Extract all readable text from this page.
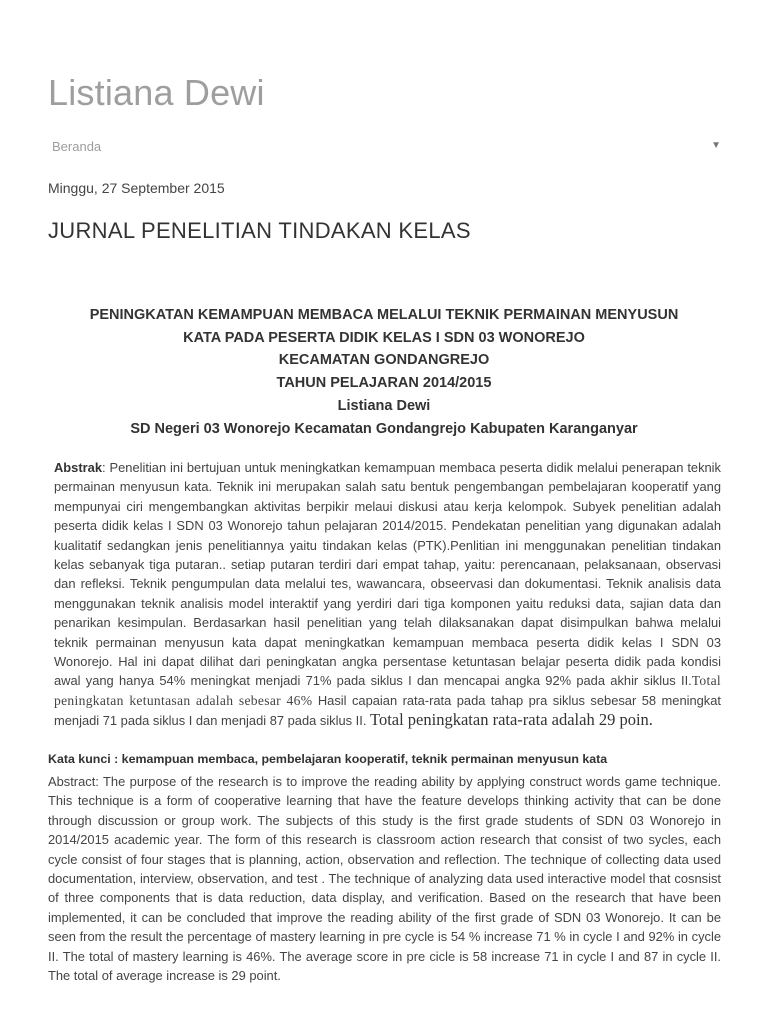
Listiana Dewi
Beranda	▼
Minggu, 27 September 2015
JURNAL PENELITIAN TINDAKAN KELAS
PENINGKATAN KEMAMPUAN MEMBACA MELALUI TEKNIK PERMAINAN MENYUSUN
KATA PADA PESERTA DIDIK KELAS I SDN 03 WONOREJO
KECAMATAN GONDANGREJO
TAHUN PELAJARAN 2014/2015
Listiana Dewi
SD Negeri 03 Wonorejo Kecamatan Gondangrejo Kabupaten Karanganyar
Abstrak: Penelitian ini bertujuan untuk meningkatkan kemampuan membaca peserta didik melalui penerapan teknik permainan menyusun kata. Teknik ini merupakan salah satu bentuk pengembangan pembelajaran kooperatif yang mempunyai ciri mengembangkan aktivitas berpikir melaui diskusi atau kerja kelompok. Subyek penelitian adalah peserta didik kelas I SDN 03 Wonorejo tahun pelajaran 2014/2015. Pendekatan penelitian yang digunakan adalah kualitatif sedangkan jenis penelitiannya yaitu tindakan kelas (PTK).Penlitian ini menggunakan penelitian tindakan kelas sebanyak tiga putaran.. setiap putaran terdiri dari empat tahap, yaitu: perencanaan, pelaksanaan, observasi dan refleksi. Teknik pengumpulan data melalui tes, wawancara, obseervasi dan dokumentasi. Teknik analisis data menggunakan teknik analisis model interaktif yang yerdiri dari tiga komponen yaitu reduksi data, sajian data dan penarikan kesimpulan. Berdasarkan hasil penelitian yang telah dilaksanakan dapat disimpulkan bahwa melalui teknik permainan menyusun kata dapat meningkatkan kemampuan membaca peserta didik kelas I SDN 03 Wonorejo. Hal ini dapat dilihat dari peningkatan angka persentase ketuntasan belajar peserta didik pada kondisi awal yang hanya 54% meningkat menjadi 71% pada siklus I dan mencapai angka 92% pada akhir siklus II.Total peningkatan ketuntasan adalah sebesar 46% Hasil capaian rata-rata pada tahap pra siklus sebesar 58 meningkat menjadi 71 pada siklus I dan menjadi 87 pada siklus II. Total peningkatan rata-rata adalah 29 poin.
Kata kunci : kemampuan membaca, pembelajaran kooperatif, teknik permainan menyusun kata
Abstract: The purpose of the research is to improve the reading ability by applying construct words game technique. This technique is a form of cooperative learning that have the feature develops thinking activity that can be done through discussion or group work. The subjects of this study is the first grade students of SDN 03 Wonorejo in 2014/2015 academic year. The form of this research is classroom action research that consist of two sycles, each cycle consist of four stages that is planning, action, observation and reflection. The technique of collecting data used documentation, interview, observation, and test . The technique of analyzing data used interactive model that cosnsist of three components that is data reduction, data display, and verification. Based on the research that have been implemented, it can be concluded that improve the reading ability of the first grade of SDN 03 Wonorejo. It can be seen from the result the percentage of mastery learning in pre cycle is 54 % increase 71 % in cycle I and 92% in cycle II. The total of mastery learning is 46%. The average score in pre cicle is 58 increase 71 in cycle I and 87 in cycle II. The total of average increase is 29 point.
